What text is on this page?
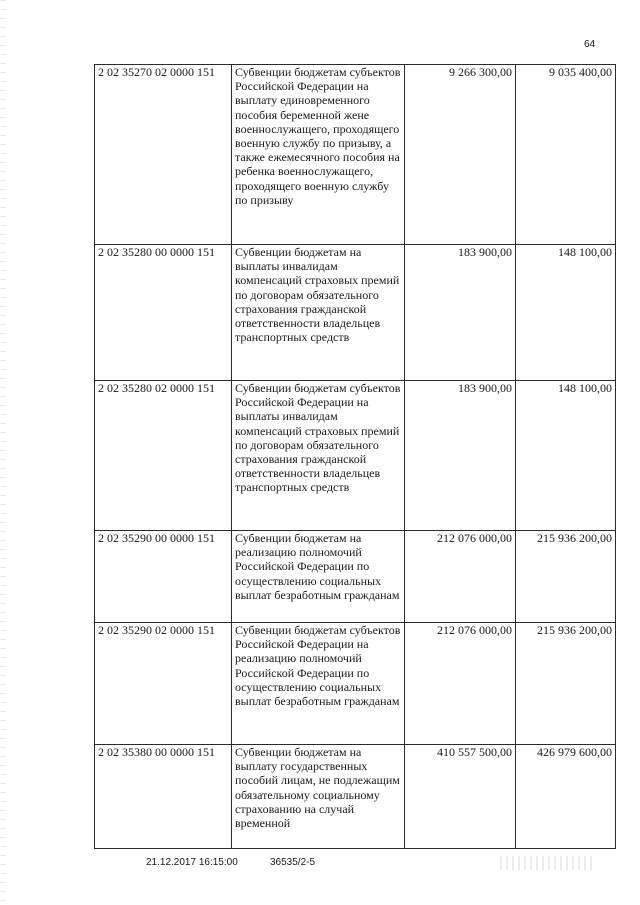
64
2 02 35270 02 0000 151	Субвенции бюджетам субъектов Российской Федерации на выплату единовременного пособия беременной жене военнослужащего, проходящего военную службу по призыву, а также ежемесячного пособия на ребенка военнослужащего, проходящего военную службу по призыву	9 266 300,00	9 035 400,00
2 02 35280 00 0000 151	Субвенции бюджетам на выплаты инвалидам компенсаций страховых премий по договорам обязательного страхования гражданской ответственности владельцев транспортных средств	183 900,00	148 100,00
2 02 35280 02 0000 151	Субвенции бюджетам субъектов Российской Федерации на выплаты инвалидам компенсаций страховых премий по договорам обязательного страхования гражданской ответственности владельцев транспортных средств	183 900,00	148 100,00
2 02 35290 00 0000 151	Субвенции бюджетам на реализацию полномочий Российской Федерации по осуществлению социальных выплат безработным гражданам	212 076 000,00	215 936 200,00
2 02 35290 02 0000 151	Субвенции бюджетам субъектов Российской Федерации на реализацию полномочий Российской Федерации по осуществлению социальных выплат безработным гражданам	212 076 000,00	215 936 200,00
2 02 35380 00 0000 151	Субвенции бюджетам на выплату государственных пособий лицам, не подлежащим обязательному социальному страхованию на случай временной	410 557 500,00	426 979 600,00
21.12.2017 16:15:00	36535/2-5
